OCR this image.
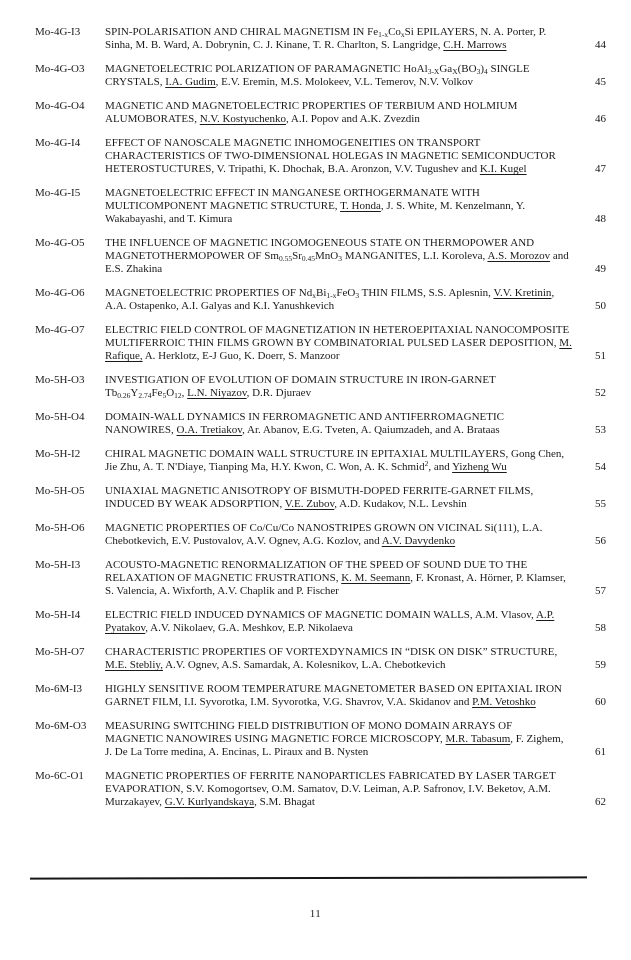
Mo-4G-I3	SPIN-POLARISATION AND CHIRAL MAGNETISM IN $Fe_{1-x}Co_xSi$ EPILAYERS, N. A. Porter, P. Sinha, M. B. Ward, A. Dobrynin, C. J. Kinane, T. R. Charlton, S. Langridge, C.H. Marrows	44
Mo-4G-O3	MAGNETOELECTRIC POLARIZATION OF PARAMAGNETIC $HoAl_{3-X}Ga_X(BO_3)_4$ SINGLE CRYSTALS, I.A. Gudim, E.V. Eremin, M.S. Molokeev, V.L. Temerov, N.V. Volkov	45
Mo-4G-O4	MAGNETIC AND MAGNETOELECTRIC PROPERTIES OF TERBIUM AND HOLMIUM ALUMOBORATES, N.V. Kostyuchenko, A.I. Popov and A.K. Zvezdin	46
Mo-4G-I4	EFFECT OF NANOSCALE MAGNETIC INHOMOGENEITIES ON TRANSPORT CHARACTERISTICS OF TWO-DIMENSIONAL HOLEGAS IN MAGNETIC SEMICONDUCTOR HETEROSTUCTURES, V. Tripathi, K. Dhochak, B.A. Aronzon, V.V. Tugushev and K.I. Kugel	47
Mo-4G-I5	MAGNETOELECTRIC EFFECT IN MANGANESE ORTHOGERMANATE WITH MULTICOMPONENT MAGNETIC STRUCTURE, T. Honda, J. S. White, M. Kenzelmann, Y. Wakabayashi, and T. Kimura	48
Mo-4G-O5	THE INFLUENCE OF MAGNETIC INGOMOGENEOUS STATE ON THERMOPOWER AND MAGNETOTHERMOPOWER OF $Sm_{0.55}Sr_{0.45}MnO_3$ MANGANITES, L.I. Koroleva, A.S. Morozov and E.S. Zhakina	49
Mo-4G-O6	MAGNETOELECTRIC PROPERTIES OF $Nd_xBi_{1-x}FeO_3$ THIN FILMS, S.S. Aplesnin, V.V. Kretinin, A.A. Ostapenko, A.I. Galyas and K.I. Yanushkevich	50
Mo-4G-O7	ELECTRIC FIELD CONTROL OF MAGNETIZATION IN HETEROEPITAXIAL NANOCOMPOSITE MULTIFERROIC THIN FILMS GROWN BY COMBINATORIAL PULSED LASER DEPOSITION, M. Rafique, A. Herklotz, E-J Guo, K. Doerr, S. Manzoor	51
Mo-5H-O3	INVESTIGATION OF EVOLUTION OF DOMAIN STRUCTURE IN IRON-GARNET $Tb_{0.26}Y_{2.74}Fe_5O_{12}$, L.N. Niyazov, D.R. Djuraev	52
Mo-5H-O4	DOMAIN-WALL DYNAMICS IN FERROMAGNETIC AND ANTIFERROMAGNETIC NANOWIRES, O.A. Tretiakov, Ar. Abanov, E.G. Tveten, A. Qaiumzadeh, and A. Brataas	53
Mo-5H-I2	CHIRAL MAGNETIC DOMAIN WALL STRUCTURE IN EPITAXIAL MULTILAYERS, Gong Chen, Jie Zhu, A. T. N'Diaye, Tianping Ma, H.Y. Kwon, C. Won, A. K. Schmid$^2$, and Yizheng Wu	54
Mo-5H-O5	UNIAXIAL MAGNETIC ANISOTROPY OF BISMUTH-DOPED FERRITE-GARNET FILMS, INDUCED BY WEAK ADSORPTION, V.E. Zubov, A.D. Kudakov, N.L. Levshin	55
Mo-5H-O6	MAGNETIC PROPERTIES OF Co/Cu/Co NANOSTRIPES GROWN ON VICINAL Si(111), L.A. Chebotkevich, E.V. Pustovalov, A.V. Ognev, A.G. Kozlov, and A.V. Davydenko	56
Mo-5H-I3	ACOUSTO-MAGNETIC RENORMALIZATION OF THE SPEED OF SOUND DUE TO THE RELAXATION OF MAGNETIC FRUSTRATIONS, K. M. Seemann, F. Kronast, A. Hörner, P. Klamser, S. Valencia, A. Wixforth, A.V. Chaplik and P. Fischer	57
Mo-5H-I4	ELECTRIC FIELD INDUCED DYNAMICS OF MAGNETIC DOMAIN WALLS, A.M. Vlasov, A.P. Pyatakov, A.V. Nikolaev, G.A. Meshkov, E.P. Nikolaeva	58
Mo-5H-O7	CHARACTERISTIC PROPERTIES OF VORTEXDYNAMICS IN “DISK ON DISK” STRUCTURE, M.E. Stebliy, A.V. Ognev, A.S. Samardak, A. Kolesnikov, L.A. Chebotkevich	59
Mo-6M-I3	HIGHLY SENSITIVE ROOM TEMPERATURE MAGNETOMETER BASED ON EPITAXIAL IRON GARNET FILM, I.I. Syvorotka, I.M. Syvorotka, V.G. Shavrov, V.A. Skidanov and P.M. Vetoshko	60
Mo-6M-O3	MEASURING SWITCHING FIELD DISTRIBUTION OF MONO DOMAIN ARRAYS OF MAGNETIC NANOWIRES USING MAGNETIC FORCE MICROSCOPY, M.R. Tabasum, F. Zighem, J. De La Torre medina, A. Encinas, L. Piraux and B. Nysten	61
Mo-6C-O1	MAGNETIC PROPERTIES OF FERRITE NANOPARTICLES FABRICATED BY LASER TARGET EVAPORATION, S.V. Komogortsev, O.M. Samatov, D.V. Leiman, A.P. Safronov, I.V. Beketov, A.M. Murzakayev, G.V. Kurlyandskaya, S.M. Bhagat	62
11
